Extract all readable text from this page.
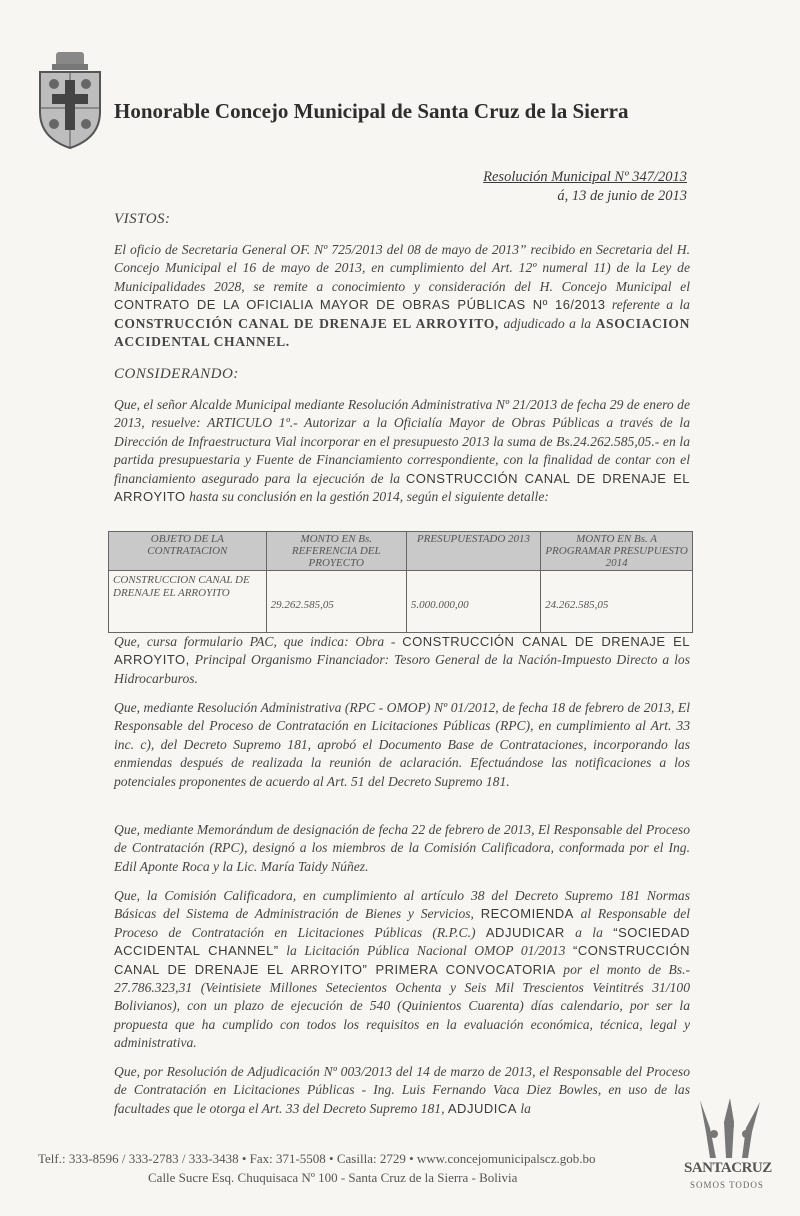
Honorable Concejo Municipal de Santa Cruz de la Sierra
Resolución Municipal Nº 347/2013
á, 13 de junio de 2013
VISTOS:
El oficio de Secretaria General OF. Nº 725/2013 del 08 de mayo de 2013” recibido en Secretaria del H. Concejo Municipal el 16 de mayo de 2013, en cumplimiento del Art. 12º numeral 11) de la Ley de Municipalidades 2028, se remite a conocimiento y consideración del H. Concejo Municipal el CONTRATO DE LA OFICIALIA MAYOR DE OBRAS PÚBLICAS Nº 16/2013 referente a la CONSTRUCCIÓN CANAL DE DRENAJE EL ARROYITO, adjudicado a la ASOCIACION ACCIDENTAL CHANNEL.
CONSIDERANDO:
Que, el señor Alcalde Municipal mediante Resolución Administrativa Nº 21/2013 de fecha 29 de enero de 2013, resuelve: ARTICULO 1º.- Autorizar a la Oficialía Mayor de Obras Públicas a través de la Dirección de Infraestructura Vial incorporar en el presupuesto 2013 la suma de Bs.24.262.585,05.- en la partida presupuestaria y Fuente de Financiamiento correspondiente, con la finalidad de contar con el financiamiento asegurado para la ejecución de la CONSTRUCCIÓN CANAL DE DRENAJE EL ARROYITO hasta su conclusión en la gestión 2014, según el siguiente detalle:
OBJETO DE LA CONTRATACION	MONTO EN Bs. REFERENCIA DEL PROYECTO	PRESUPUESTADO 2013	MONTO EN Bs. A PROGRAMAR PRESUPUESTO 2014
CONSTRUCCION CANAL DE DRENAJE EL ARROYITO	29.262.585,05	5.000.000,00	24.262.585,05
Que, cursa formulario PAC, que indica: Obra - CONSTRUCCIÓN CANAL DE DRENAJE EL ARROYITO, Principal Organismo Financiador: Tesoro General de la Nación-Impuesto Directo a los Hidrocarburos.
Que, mediante Resolución Administrativa (RPC - OMOP) Nº 01/2012, de fecha 18 de febrero de 2013, El Responsable del Proceso de Contratación en Licitaciones Públicas (RPC), en cumplimiento al Art. 33 inc. c), del Decreto Supremo 181, aprobó el Documento Base de Contrataciones, incorporando las enmiendas después de realizada la reunión de aclaración. Efectuándose las notificaciones a los potenciales proponentes de acuerdo al Art. 51 del Decreto Supremo 181.
Que, mediante Memorándum de designación de fecha 22 de febrero de 2013, El Responsable del Proceso de Contratación (RPC), designó a los miembros de la Comisión Calificadora, conformada por el Ing. Edil Aponte Roca y la Lic. María Taidy Núñez.
Que, la Comisión Calificadora, en cumplimiento al artículo 38 del Decreto Supremo 181 Normas Básicas del Sistema de Administración de Bienes y Servicios, RECOMIENDA al Responsable del Proceso de Contratación en Licitaciones Públicas (R.P.C.) ADJUDICAR a la “SOCIEDAD ACCIDENTAL CHANNEL” la Licitación Pública Nacional OMOP 01/2013 “CONSTRUCCIÓN CANAL DE DRENAJE EL ARROYITO” PRIMERA CONVOCATORIA por el monto de Bs.- 27.786.323,31 (Veintisiete Millones Setecientos Ochenta y Seis Mil Trescientos Veintitrés 31/100 Bolivianos), con un plazo de ejecución de 540 (Quinientos Cuarenta) días calendario, por ser la propuesta que ha cumplido con todos los requisitos en la evaluación económica, técnica, legal y administrativa.
Que, por Resolución de Adjudicación Nº 003/2013 del 14 de marzo de 2013, el Responsable del Proceso de Contratación en Licitaciones Públicas - Ing. Luis Fernando Vaca Diez Bowles, en uso de las facultades que le otorga el Art. 33 del Decreto Supremo 181, ADJUDICA la
Telf.: 333-8596 / 333-2783 / 333-3438 • Fax: 371-5508 • Casilla: 2729 • www.concejomunicipalscz.gob.bo
Calle Sucre Esq. Chuquisaca Nº 100 - Santa Cruz de la Sierra - Bolivia
SANTACRUZ
SOMOS TODOS
